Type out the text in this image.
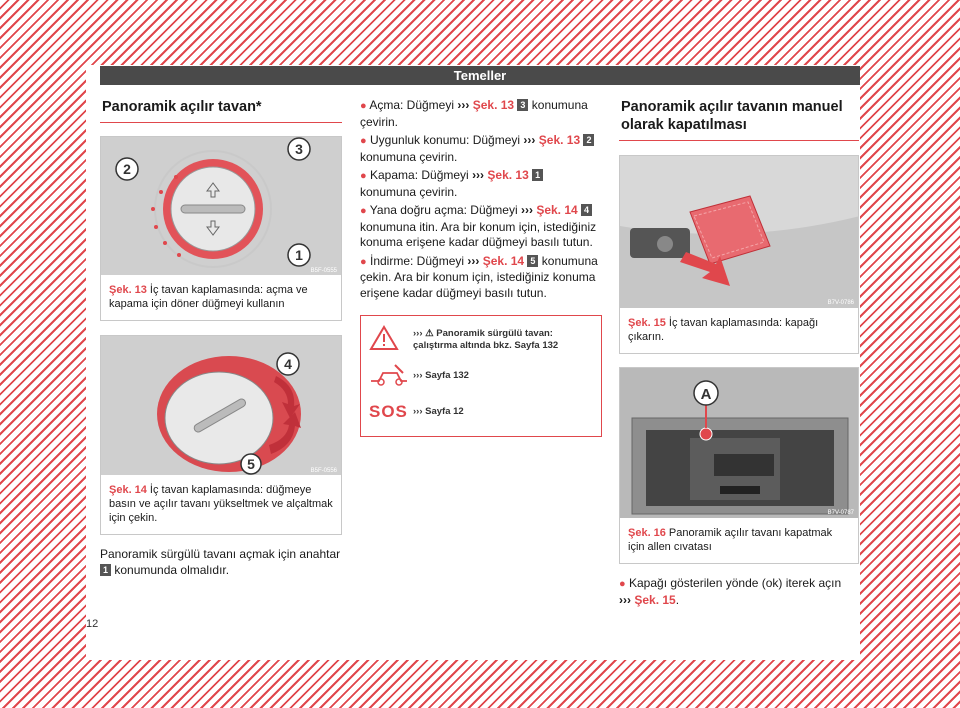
Temeller
Panoramik açılır tavan*
2
3
1
B5F-0555
Şek. 13 İç tavan kaplamasında: açma ve kapama için döner düğmeyi kullanın
4
5	B5F-0556
Şek. 14 İç tavan kaplamasında: düğmeye basın ve açılır tavanı yükseltmek ve alçaltmak için çekin.
Panoramik sürgülü tavanı açmak için anahtar 1 konumunda olmalıdır.
● Açma: Düğmeyi ››› Şek. 13 3 konumuna çevirin.
● Uygunluk konumu: Düğmeyi ››› Şek. 13 2 konumuna çevirin.
● Kapama: Düğmeyi ››› Şek. 13 1 konumuna çevirin.
● Yana doğru açma: Düğmeyi ››› Şek. 14 4 konumuna itin. Ara bir konum için, istediğiniz konuma erişene kadar düğmeyi basılı tutun.
● İndirme: Düğmeyi ››› Şek. 14 5 konumuna çekin. Ara bir konum için, istediğiniz konuma erişene kadar düğmeyi basılı tutun.
››› ⚠ Panoramik sürgülü tavan: çalıştırma altında bkz. Sayfa 132
››› Sayfa 132
SOS ››› Sayfa 12
Panoramik açılır tavanın manuel olarak kapatılması
B7V-0786
Şek. 15 İç tavan kaplamasında: kapağı çıkarın.
A
B7V-0787
Şek. 16 Panoramik açılır tavanı kapatmak için allen cıvatası
● Kapağı gösterilen yönde (ok) iterek açın
››› Şek. 15.
12
